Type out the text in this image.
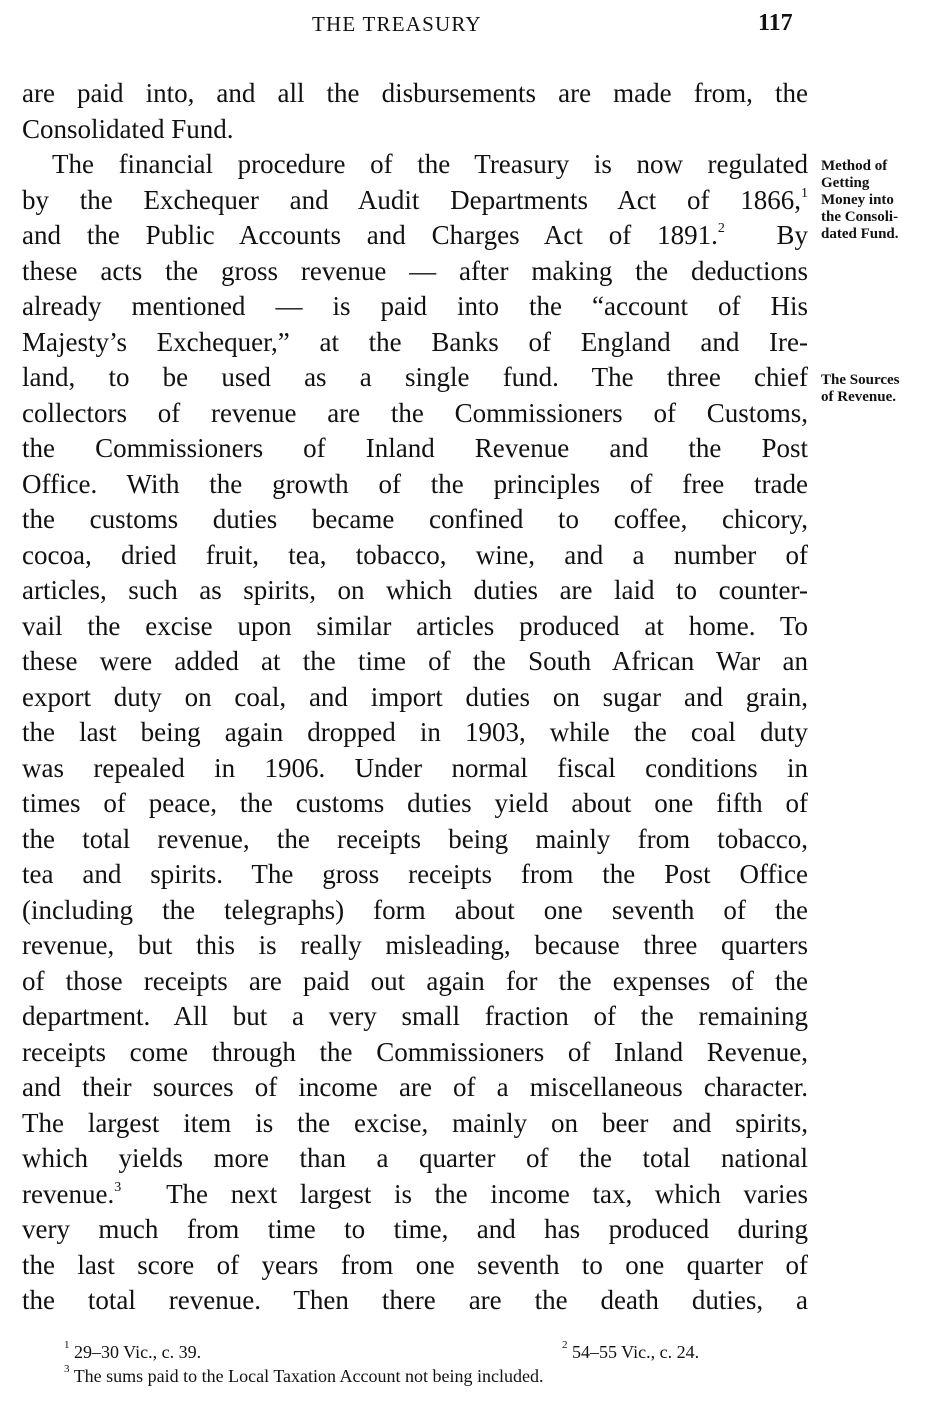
THE TREASURY	117
are paid into, and all the disbursements are made from, the
Consolidated Fund.
The financial procedure of the Treasury is now regulated
by the Exchequer and Audit Departments Act of 1866,$^1$
and the Public Accounts and Charges Act of 1891.$^2$ By
these acts the gross revenue — after making the deductions
already mentioned — is paid into the “account of His
Majesty’s Exchequer,” at the Banks of England and Ire-
land, to be used as a single fund. The three chief
collectors of revenue are the Commissioners of Customs,
the Commissioners of Inland Revenue and the Post
Office. With the growth of the principles of free trade
the customs duties became confined to coffee, chicory,
cocoa, dried fruit, tea, tobacco, wine, and a number of
articles, such as spirits, on which duties are laid to counter-
vail the excise upon similar articles produced at home. To
these were added at the time of the South African War an
export duty on coal, and import duties on sugar and grain,
the last being again dropped in 1903, while the coal duty
was repealed in 1906. Under normal fiscal conditions in
times of peace, the customs duties yield about one fifth of
the total revenue, the receipts being mainly from tobacco,
tea and spirits. The gross receipts from the Post Office
(including the telegraphs) form about one seventh of the
revenue, but this is really misleading, because three quarters
of those receipts are paid out again for the expenses of the
department. All but a very small fraction of the remaining
receipts come through the Commissioners of Inland Revenue,
and their sources of income are of a miscellaneous character.
The largest item is the excise, mainly on beer and spirits,
which yields more than a quarter of the total national
revenue.$^3$ The next largest is the income tax, which varies
very much from time to time, and has produced during
the last score of years from one seventh to one quarter of
the total revenue. Then there are the death duties, a
Method of
Getting
Money into
the Consoli-
dated Fund.
The Sources
of Revenue.
$^1$ 29–30 Vic., c. 39.	$^2$ 54–55 Vic., c. 24.
$^3$ The sums paid to the Local Taxation Account not being included.
